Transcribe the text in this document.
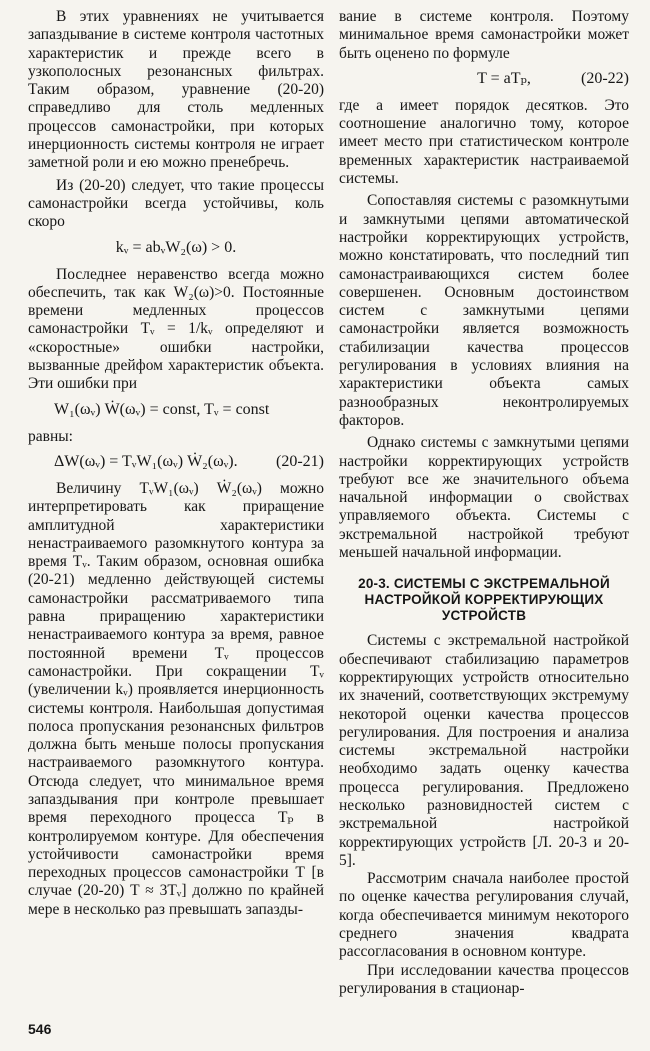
В этих уравнениях не учитывается запаздывание в системе контроля частотных характеристик и прежде всего в узкополосных резонансных фильтрах. Таким образом, уравнение (20-20) справедливо для столь медленных процессов самонастройки, при которых инерционность системы контроля не играет заметной роли и ею можно пренебречь.

Из (20-20) следует, что такие процессы самонастройки всегда устойчивы, коль скоро

kᵥ = abᵥW₂(ω) > 0.

Последнее неравенство всегда можно обеспечить, так как W₂(ω)>0. Постоянные времени медленных процессов самонастройки Tᵥ = 1/kᵥ определяют и «скоростные» ошибки настройки, вызванные дрейфом характеристик объекта. Эти ошибки при

W₁(ωᵥ) Ẇ(ωᵥ) = const, Tᵥ = const

равны:

ΔW(ωᵥ) = TᵥW₁(ωᵥ) Ẇ₂(ωᵥ). (20-21)

Величину TᵥW₁(ωᵥ) Ẇ₂(ωᵥ) можно интерпретировать как приращение амплитудной характеристики ненастраиваемого разомкнутого контура за время Tᵥ. Таким образом, основная ошибка (20-21) медленно действующей системы самонастройки рассматриваемого типа равна приращению характеристики ненастраиваемого контура за время, равное постоянной времени Tᵥ процессов самонастройки. При сокращении Tᵥ (увеличении kᵥ) проявляется инерционность системы контроля. Наибольшая допустимая полоса пропускания резонансных фильтров должна быть меньше полосы пропускания настраиваемого разомкнутого контура. Отсюда следует, что минимальное время запаздывания при контроле превышает время переходного процесса Tₚ в контролируемом контуре. Для обеспечения устойчивости самонастройки время переходных процессов самонастройки T [в случае (20-20) T ≈ 3Tᵥ] должно по крайней мере в несколько раз превышать запазды-

вание в системе контроля. Поэтому минимальное время самонастройки может быть оценено по формуле

T = aTₚ,	(20-22)

где a имеет порядок десятков. Это соотношение аналогично тому, которое имеет место при статистическом контроле временных характеристик настраиваемой системы.

Сопоставляя системы с разомкнутыми и замкнутыми цепями автоматической настройки корректирующих устройств, можно констатировать, что последний тип самонастраивающихся систем более совершенен. Основным достоинством систем с замкнутыми цепями самонастройки является возможность стабилизации качества процессов регулирования в условиях влияния на характеристики объекта самых разнообразных неконтролируемых факторов.

Однако системы с замкнутыми цепями настройки корректирующих устройств требуют все же значительного объема начальной информации о свойствах управляемого объекта. Системы с экстремальной настройкой требуют меньшей начальной информации.

20-3. СИСТЕМЫ С ЭКСТРЕМАЛЬНОЙ НАСТРОЙКОЙ КОРРЕКТИРУЮЩИХ УСТРОЙСТВ

Системы с экстремальной настройкой обеспечивают стабилизацию параметров корректирующих устройств относительно их значений, соответствующих экстремуму некоторой оценки качества процессов регулирования. Для построения и анализа системы экстремальной настройки необходимо задать оценку качества процесса регулирования. Предложено несколько разновидностей систем с экстремальной настройкой корректирующих устройств [Л. 20-3 и 20-5].

Рассмотрим сначала наиболее простой по оценке качества регулирования случай, когда обеспечивается минимум некоторого среднего значения квадрата рассогласования в основном контуре.

При исследовании качества процессов регулирования в стационар-

546
